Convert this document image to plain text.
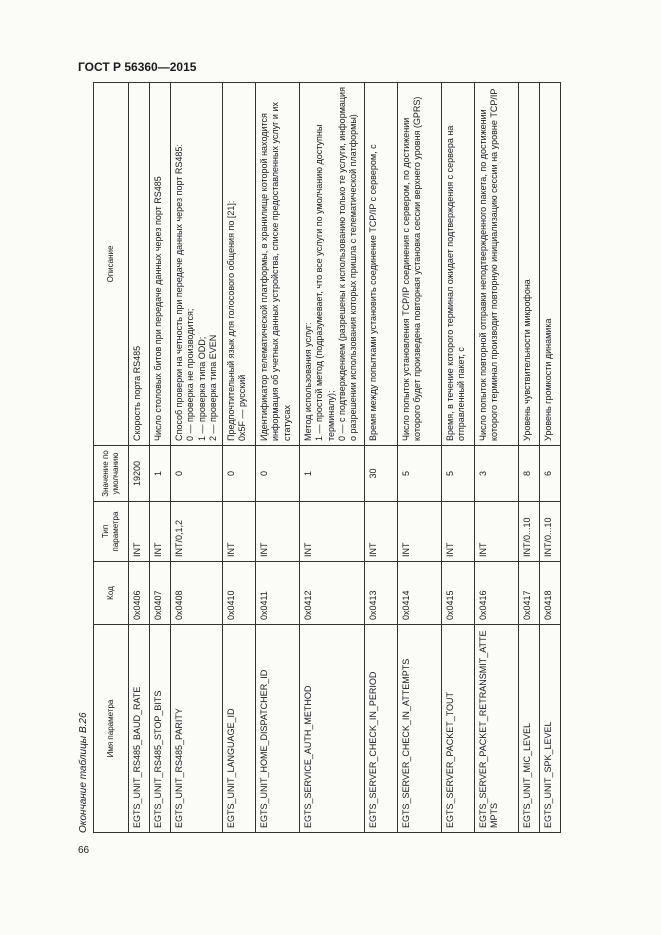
ГОСТ Р 56360—2015
66
Окончание таблицы В.26 Имя параметра	Код	Тип параметра	Значение по умолчанию	Описание
EGTS_UNIT_RS485_BAUD_RATE	0x0406	INT	19200	Скорость порта RS485

EGTS_UNIT_RS485_STOP_BITS	0x0407	INT	1	Число столовых битов при передаче данных через порт RS485

EGTS_UNIT_RS485_PARITY	0x0408	INT/0,1,2	0	Способ проверки на четность при передаче данных через порт RS485: 0 — проверка не производится; 1 — проверка типа ODD; 2 — проверка типа EVEN

EGTS_UNIT_LANGUAGE_ID	0x0410	INT	0	Предпочтительный язык для голосового общения по [21]: 0x5F — русский

EGTS_UNIT_HOME_DISPATCHER_ID	0x0411	INT	0	Идентификатор телематической платформы, в хранилище которой находится информация об учетных данных устройства, списке предоставленных услуг и их статусах

EGTS_SERVICE_AUTH_METHOD	0x0412	INT	1	Метод использования услуг: 1 — простой метод (подразумевает, что все услуги по умолчанию доступны терминалу); 0 — с подтверждением (разрешены к использованию только те услуги, информация о разрешении использования которых пришла с телематической платформы)

EGTS_SERVER_CHECK_IN_PERIOD	0x0413	INT	30	Время между попытками установить соединение TCP/IP с сервером, с

EGTS_SERVER_CHECK_IN_ATTEMPTS	0x0414	INT	5	Число попыток установления TCP/IP соединения с сервером, по достижении которого будет произведена повторная установка сессии верхнего уровня (GPRS)

EGTS_SERVER_PACKET_TOUT	0x0415	INT	5	Время, в течение которого терминал ожидает подтверждения с сервера на отправленный пакет, с

EGTS_SERVER_PACKET_RETRANSMIT_ATTEMPTS	0x0416	INT	3	Число попыток повторной отправки неподтвержденного пакета, по достижении которого терминал производит повторную инициализацию сессии на уровне TCP/IP

EGTS_UNIT_MIC_LEVEL	0x0417	INT/0...10	8	Уровень чувствительности микрофона

EGTS_UNIT_SPK_LEVEL	0x0418	INT/0...10	6	Уровень громкости динамика
